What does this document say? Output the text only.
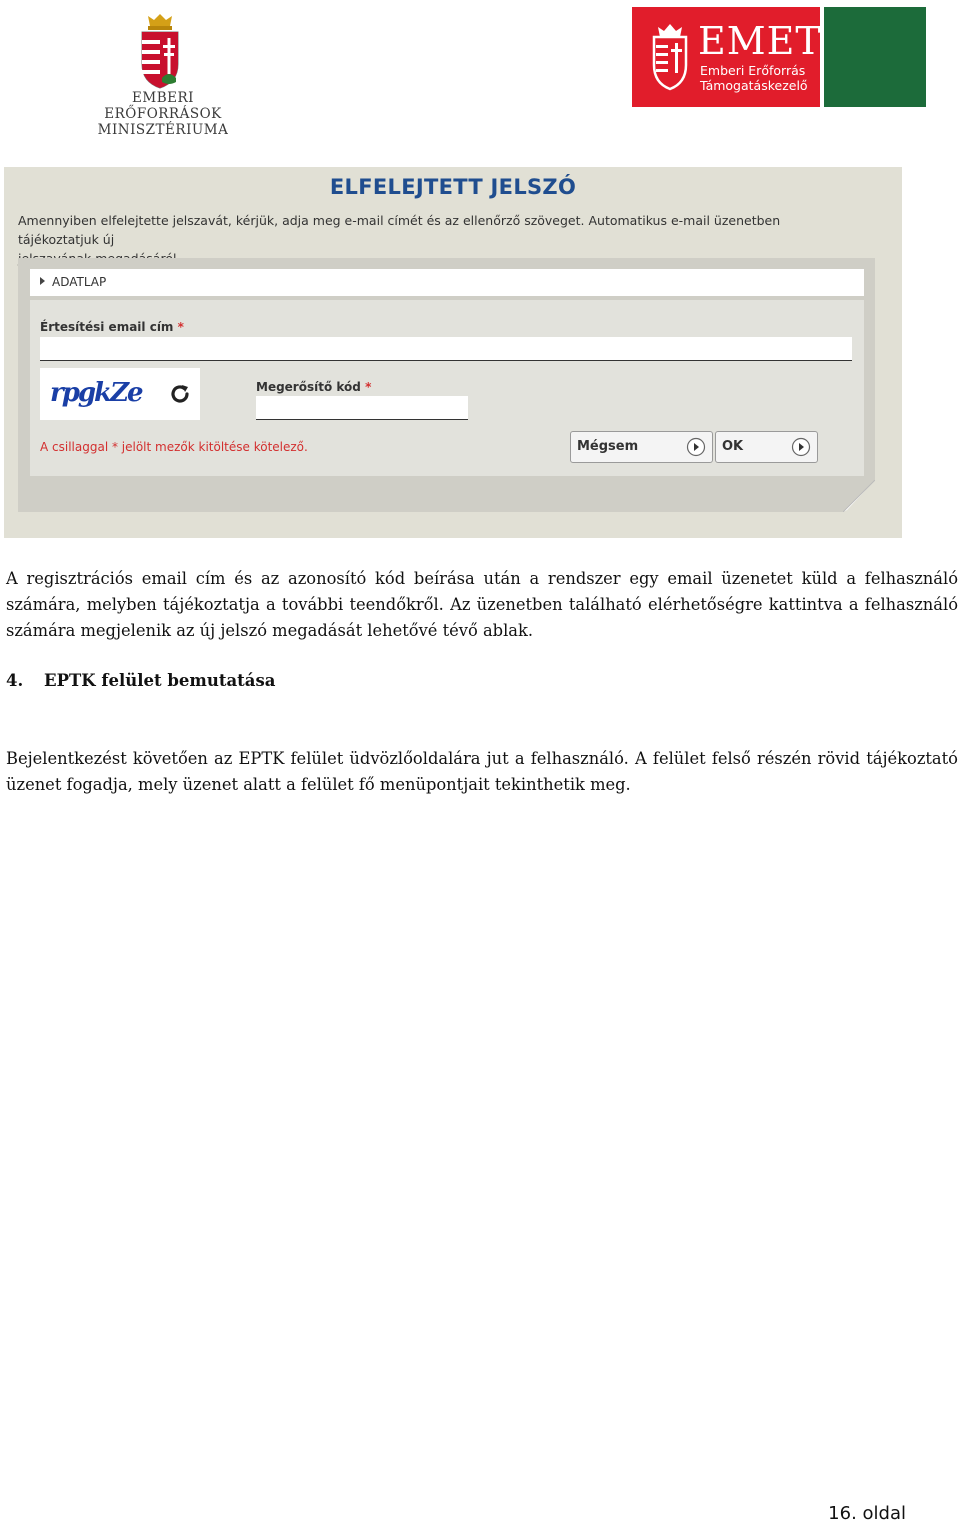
EMBERI ERŐFORRÁSOK
MINISZTÉRIUMA
EMET
Emberi Erőforrás
Támogatáskezelő
ELFELEJTETT JELSZÓ
Amennyiben elfelejtette jelszavát, kérjük, adja meg e-mail címét és az ellenőrző szöveget. Automatikus e-mail üzenetben tájékoztatjuk új
ADATLAP
Értesítési email cím *
rpgkZe	Megerősítő kód *
A csillaggal * jelölt mezők kitöltése kötelező.	Mégsem	OK

A regisztrációs email cím és az azonosító kód beírása után a rendszer egy email üzenetet küld a felhasználó számára, melyben tájékoztatja a további teendőkről. Az üzenetben található elérhetőségre kattintva a felhasználó számára megjelenik az új jelszó megadását lehetővé tévő ablak.

4. EPTK felület bemutatása

Bejelentkezést követően az EPTK felület üdvözlőoldalára jut a felhasználó. A felület felső részén rövid tájékoztató üzenet fogadja, mely üzenet alatt a felület fő menüpontjait tekinthetik meg.

16. oldal
